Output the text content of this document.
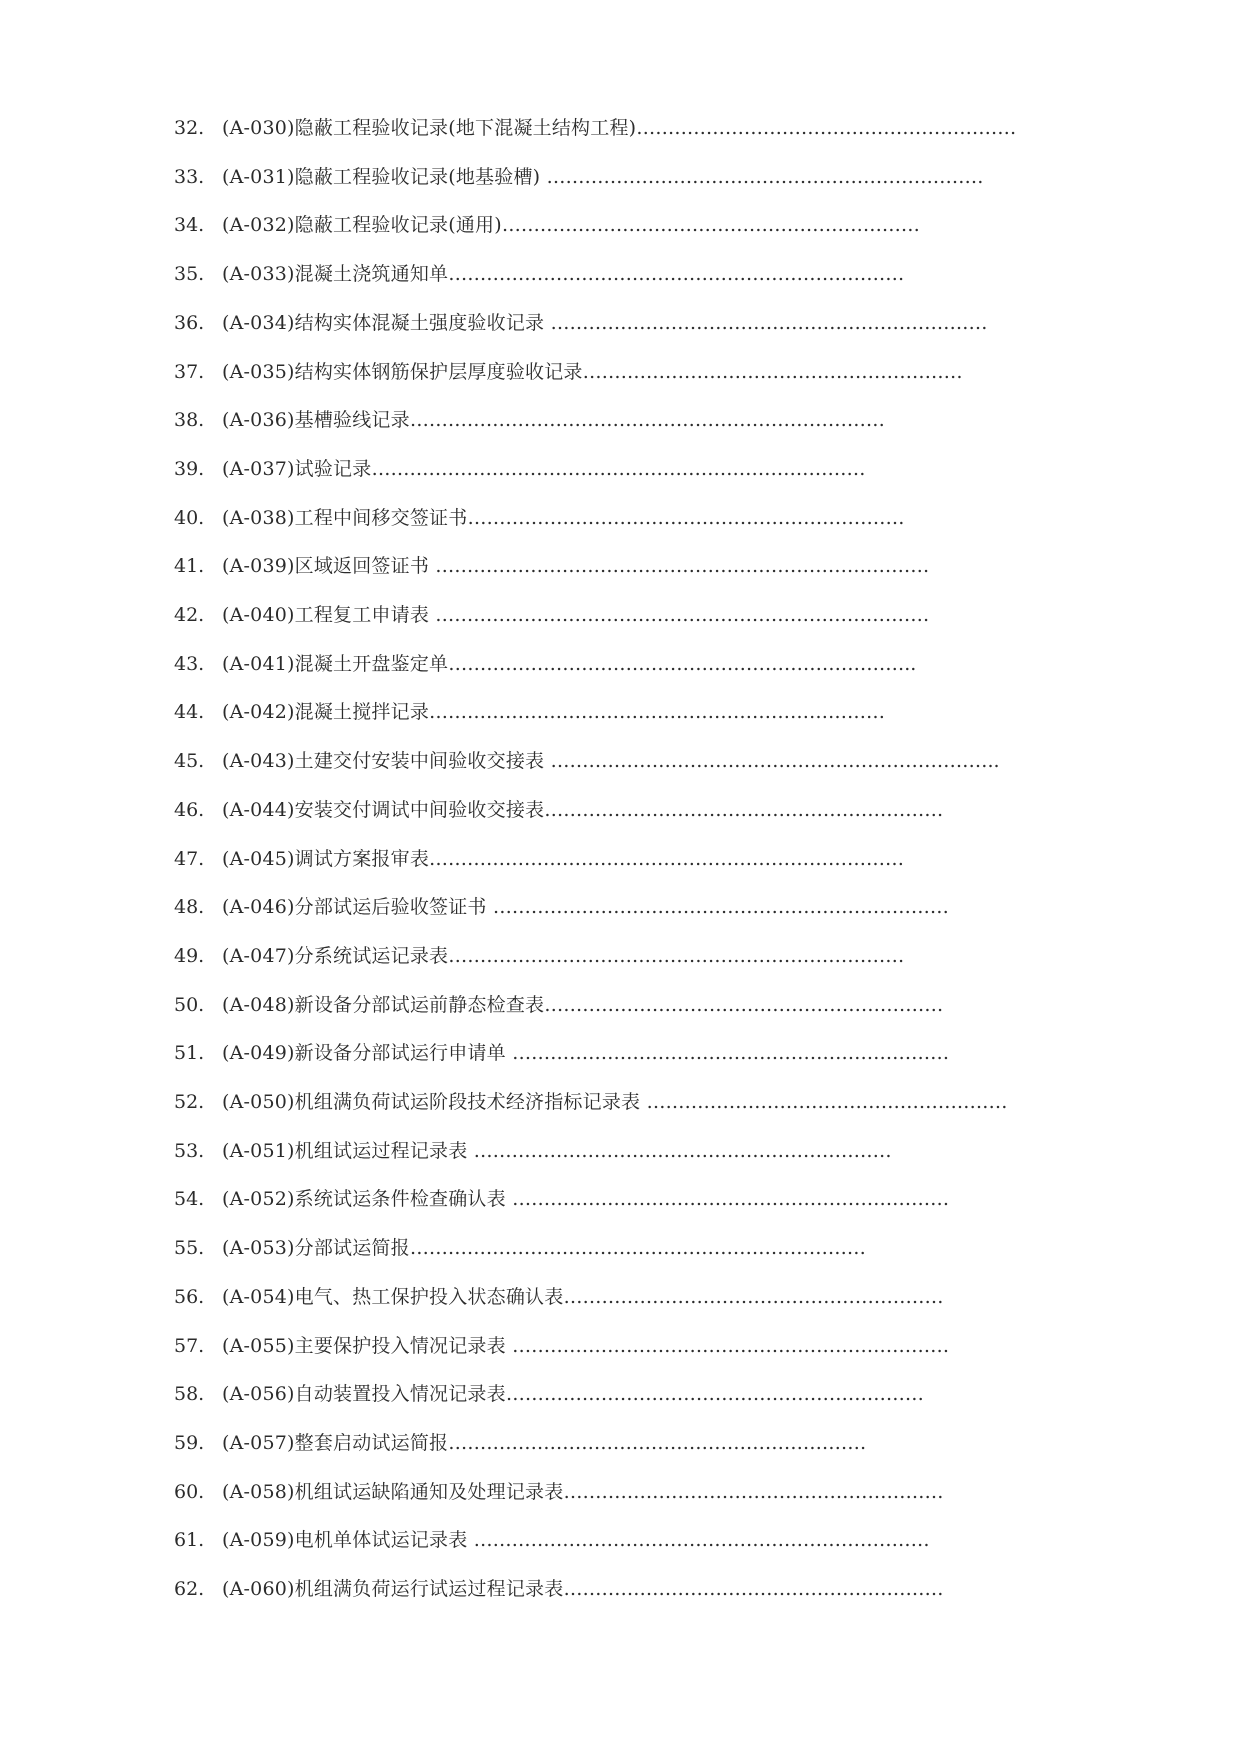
32. (A-030)隐蔽工程验收记录(地下混凝土结构工程) ……………………………………………………
33. (A-031)隐蔽工程验收记录(地基验槽) ……………………………………………………………
34. (A-032)隐蔽工程验收记录(通用) …………………………………………………………
35. (A-033)混凝土浇筑通知单 ………………………………………………………………
36. (A-034)结构实体混凝土强度验收记录 ……………………………………………………………
37. (A-035)结构实体钢筋保护层厚度验收记录 ……………………………………………………
38. (A-036)基槽验线记录 …………………………………………………………………
39. (A-037)试验记录 ……………………………………………………………………
40. (A-038)工程中间移交签证书 ……………………………………………………………
41. (A-039)区域返回签证书 ……………………………………………………………………
42. (A-040)工程复工申请表 ……………………………………………………………………
43. (A-041)混凝土开盘鉴定单 ………………………………………………………………..
44. (A-042)混凝土搅拌记录 ………………………………………………………………
45. (A-043)土建交付安装中间验收交接表 ……………………………………………………………..
46. (A-044)安装交付调试中间验收交接表 ………………………………………………………
47. (A-045)调试方案报审表 …………………………………………………………………
48. (A-046)分部试运后验收签证书 ………………………………………………………………
49. (A-047)分系统试运记录表 ………………………………………………………………
50. (A-048)新设备分部试运前静态检查表 ………………………………………………………
51. (A-049)新设备分部试运行申请单 ……………………………………………………………
52. (A-050)机组满负荷试运阶段技术经济指标记录表 …………………………………………………
53. (A-051)机组试运过程记录表 …………………………………………………………
54. (A-052)系统试运条件检查确认表 ……………………………………………………………
55. (A-053)分部试运简报 ………………………………………………………………
56. (A-054)电气、热工保护投入状态确认表 ……………………………………………………
57. (A-055)主要保护投入情况记录表 ……………………………………………………………
58. (A-056)自动装置投入情况记录表 …………………………………………………………
59. (A-057)整套启动试运简报 …………………………………………………………
60. (A-058)机组试运缺陷通知及处理记录表 ……………………………………………………
61. (A-059)电机单体试运记录表 ………………………………………………………………
62. (A-060)机组满负荷运行试运过程记录表 ……………………………………………………
